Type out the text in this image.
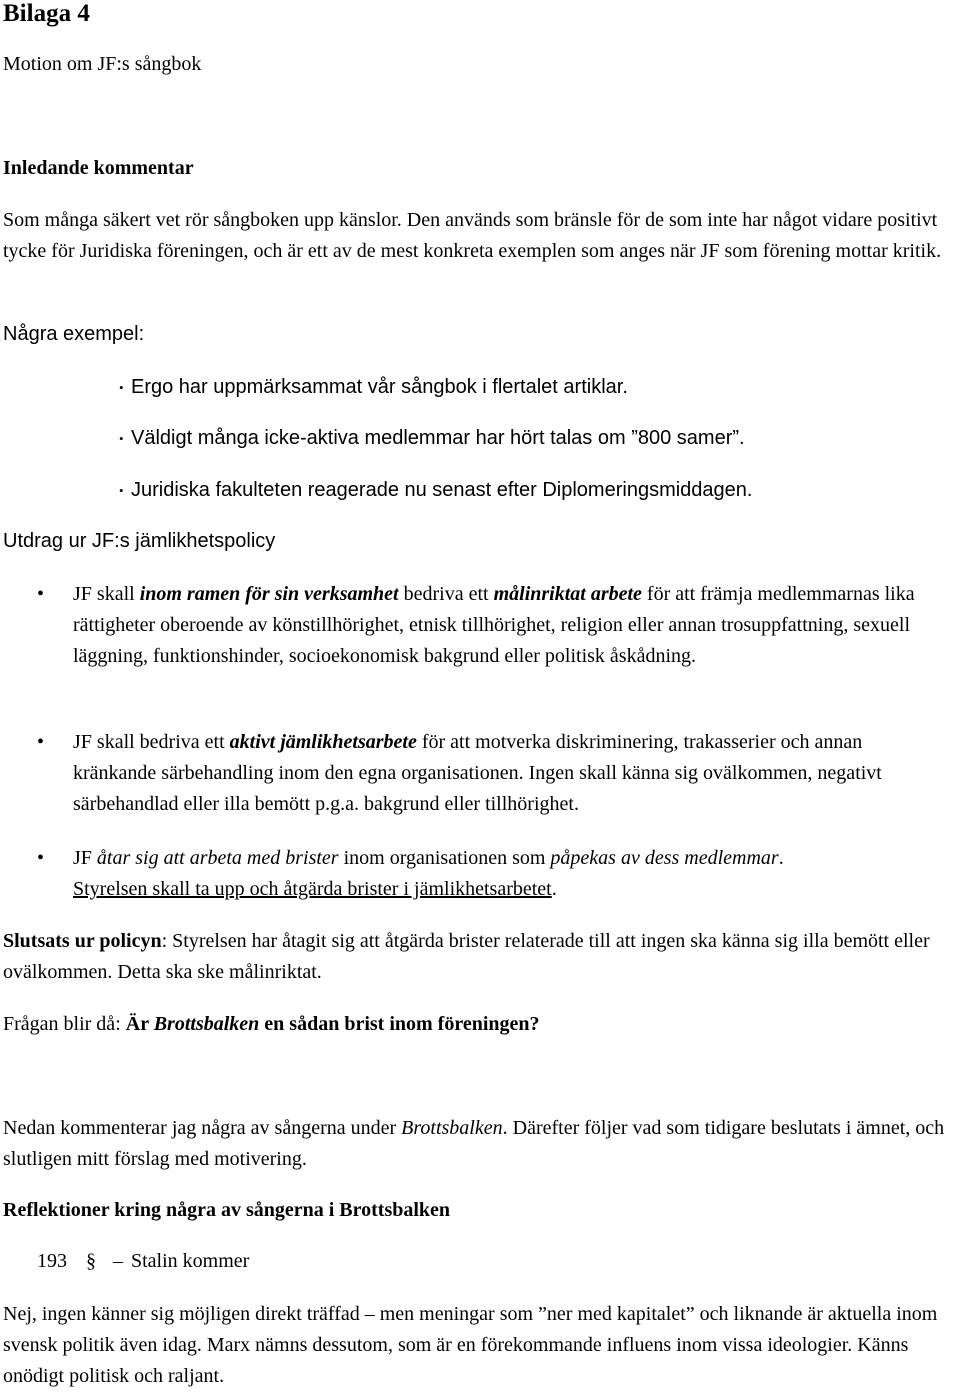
Bilaga 4
Motion om JF:s sångbok
Inledande kommentar
Som många säkert vet rör sångboken upp känslor. Den används som bränsle för de som inte har något vidare positivt tycke för Juridiska föreningen, och är ett av de mest konkreta exemplen som anges när JF som förening mottar kritik.
Några exempel:
• Ergo har uppmärksammat vår sångbok i flertalet artiklar.
• Väldigt många icke-aktiva medlemmar har hört talas om ”800 samer”.
• Juridiska fakulteten reagerade nu senast efter Diplomeringsmiddagen.
Utdrag ur JF:s jämlikhetspolicy
• JF skall inom ramen för sin verksamhet bedriva ett målinriktat arbete för att främja medlemmarnas lika rättigheter oberoende av könstillhörighet, etnisk tillhörighet, religion eller annan trosuppfattning, sexuell läggning, funktionshinder, socioekonomisk bakgrund eller politisk åskådning.
• JF skall bedriva ett aktivt jämlikhetsarbete för att motverka diskriminering, trakasserier och annan kränkande särbehandling inom den egna organisationen. Ingen skall känna sig ovälkommen, negativt särbehandlad eller illa bemött p.g.a. bakgrund eller tillhörighet.
• JF åtar sig att arbeta med brister inom organisationen som påpekas av dess medlemmar.
Styrelsen skall ta upp och åtgärda brister i jämlikhetsarbetet.
Slutsats ur policyn: Styrelsen har åtagit sig att åtgärda brister relaterade till att ingen ska känna sig illa bemött eller ovälkommen. Detta ska ske målinriktat.
Frågan blir då: Är Brottsbalken en sådan brist inom föreningen?
Nedan kommenterar jag några av sångerna under Brottsbalken. Därefter följer vad som tidigare beslutats i ämnet, och slutligen mitt förslag med motivering.
Reflektioner kring några av sångerna i Brottsbalken
193 § – Stalin kommer
Nej, ingen känner sig möjligen direkt träffad – men meningar som ”ner med kapitalet” och liknande är aktuella inom svensk politik även idag. Marx nämns dessutom, som är en förekommande influens inom vissa ideologier. Känns onödigt politisk och raljant.
